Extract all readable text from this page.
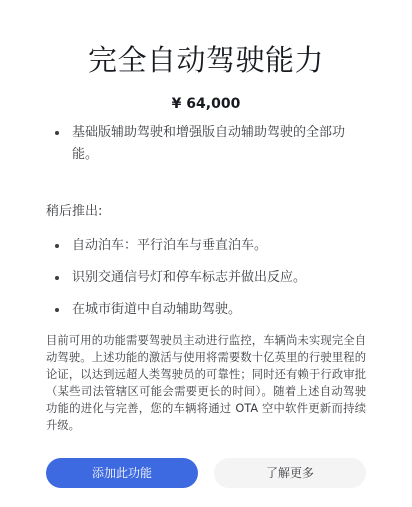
完全自动驾驶能力
¥ 64,000
基础版辅助驾驶和增强版自动辅助驾驶的全部功能。
稍后推出:
自动泊车：平行泊车与垂直泊车。
识别交通信号灯和停车标志并做出反应。
在城市街道中自动辅助驾驶。

目前可用的功能需要驾驶员主动进行监控，车辆尚未实现完全自动驾驶。上述功能的激活与使用将需要数十亿英里的行驶里程的论证，以达到远超人类驾驶员的可靠性；同时还有赖于行政审批（某些司法管辖区可能会需要更长的时间）。随着上述自动驾驶功能的进化与完善，您的车辆将通过 OTA 空中软件更新而持续升级。

添加此功能	了解更多
